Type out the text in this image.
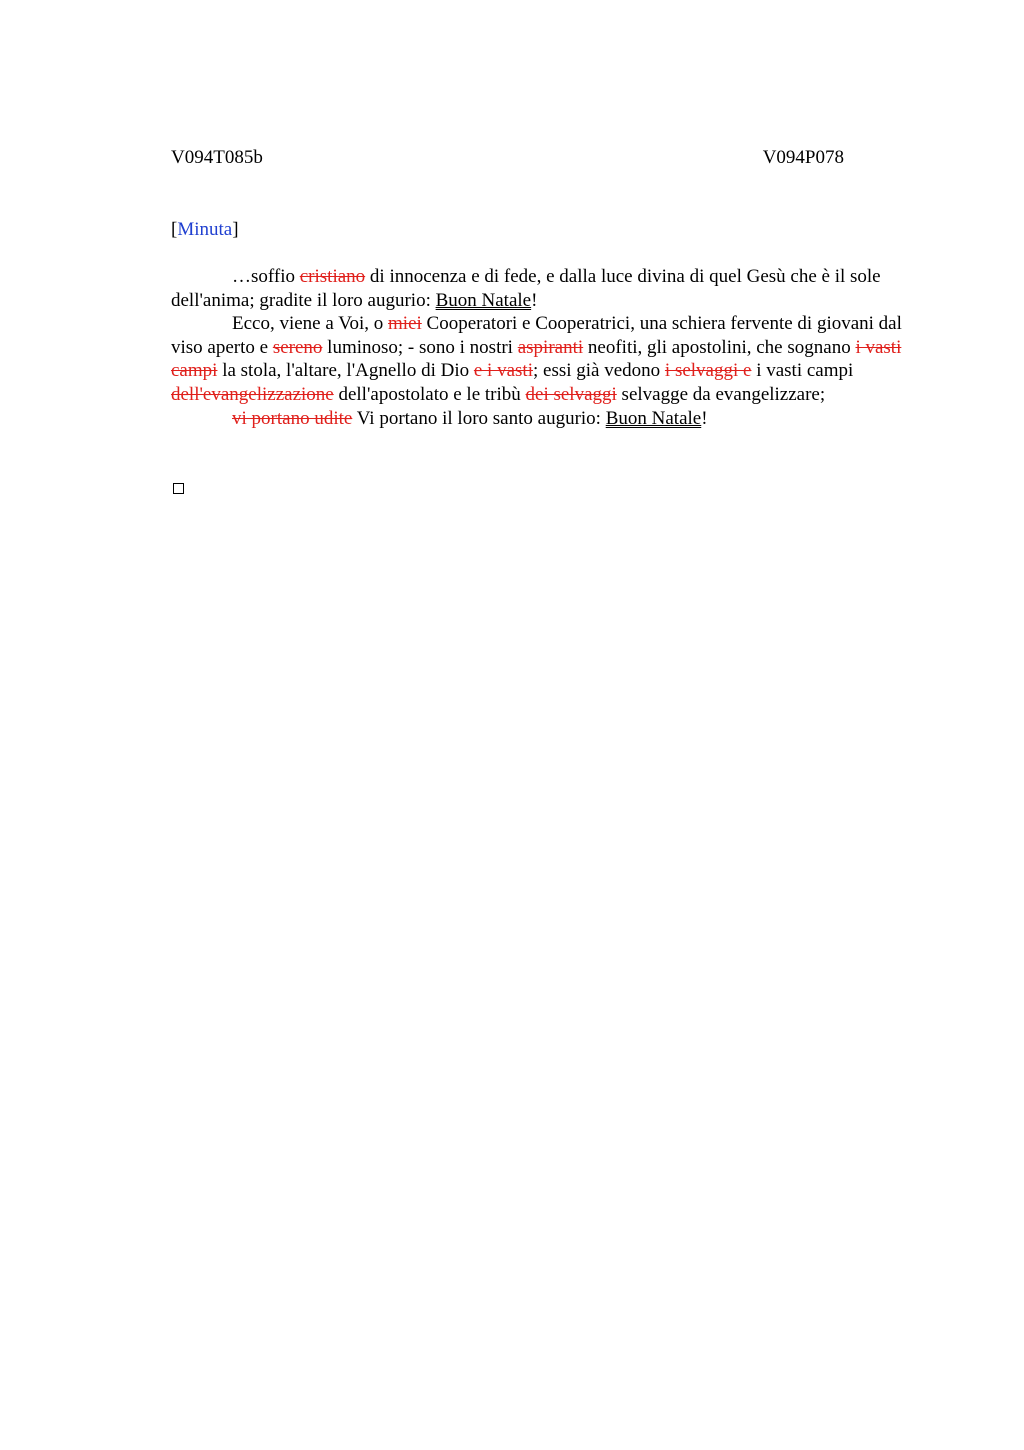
V094T085b	V094P078
[Minuta]

…soffio cristiano di innocenza e di fede, e dalla luce divina di quel Gesù che è il sole dell'anima; gradite il loro augurio: Buon Natale!

Ecco, viene a Voi, o miei Cooperatori e Cooperatrici, una schiera fervente di giovani dal viso aperto e sereno luminoso; - sono i nostri aspiranti neofiti, gli apostolini, che sognano i vasti campi la stola, l'altare, l'Agnello di Dio e i vasti; essi già vedono i selvaggi e i vasti campi dell'evangelizzazione dell'apostolato e le tribù dei selvaggi selvagge da evangelizzare;

vi portano udite Vi portano il loro santo augurio: Buon Natale!
